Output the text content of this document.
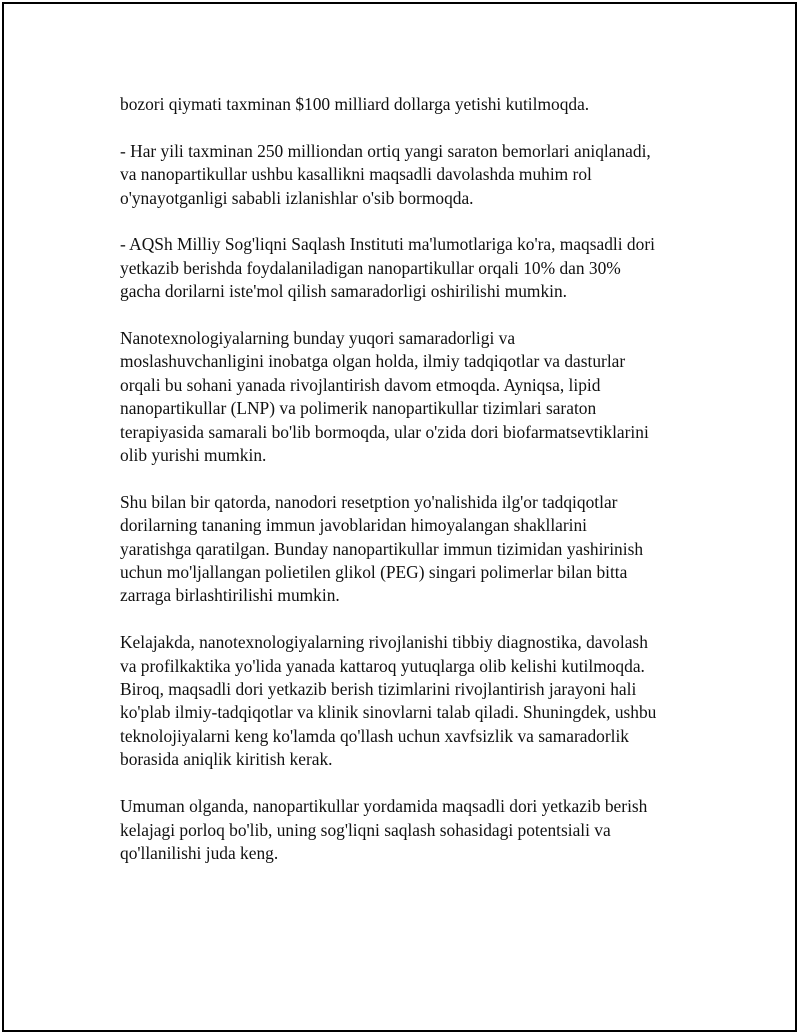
bozori qiymati taxminan $100 milliard dollarga yetishi kutilmoqda.

- Har yili taxminan 250 milliondan ortiq yangi saraton bemorlari aniqlanadi,
va nanopartikullar ushbu kasallikni maqsadli davolashda muhim rol
o'ynayotganligi sababli izlanishlar o'sib bormoqda.

- AQSh Milliy Sog'liqni Saqlash Instituti ma'lumotlariga ko'ra, maqsadli dori
yetkazib berishda foydalaniladigan nanopartikullar orqali 10% dan 30%
gacha dorilarni iste'mol qilish samaradorligi oshirilishi mumkin.

Nanotexnologiyalarning bunday yuqori samaradorligi va
moslashuvchanligini inobatga olgan holda, ilmiy tadqiqotlar va dasturlar
orqali bu sohani yanada rivojlantirish davom etmoqda. Ayniqsa, lipid
nanopartikullar (LNP) va polimerik nanopartikullar tizimlari saraton
terapiyasida samarali bo'lib bormoqda, ular o'zida dori biofarmatsevtiklarini
olib yurishi mumkin.

Shu bilan bir qatorda, nanodori resetption yo'nalishida ilg'or tadqiqotlar
dorilarning tananing immun javoblaridan himoyalangan shakllarini
yaratishga qaratilgan. Bunday nanopartikullar immun tizimidan yashirinish
uchun mo'ljallangan polietilen glikol (PEG) singari polimerlar bilan bitta
zarraga birlashtirilishi mumkin.

Kelajakda, nanotexnologiyalarning rivojlanishi tibbiy diagnostika, davolash
va profilkaktika yo'lida yanada kattaroq yutuqlarga olib kelishi kutilmoqda.
Biroq, maqsadli dori yetkazib berish tizimlarini rivojlantirish jarayoni hali
ko'plab ilmiy-tadqiqotlar va klinik sinovlarni talab qiladi. Shuningdek, ushbu
teknolojiyalarni keng ko'lamda qo'llash uchun xavfsizlik va samaradorlik
borasida aniqlik kiritish kerak.

Umuman olganda, nanopartikullar yordamida maqsadli dori yetkazib berish
kelajagi porloq bo'lib, uning sog'liqni saqlash sohasidagi potentsiali va
qo'llanilishi juda keng.
